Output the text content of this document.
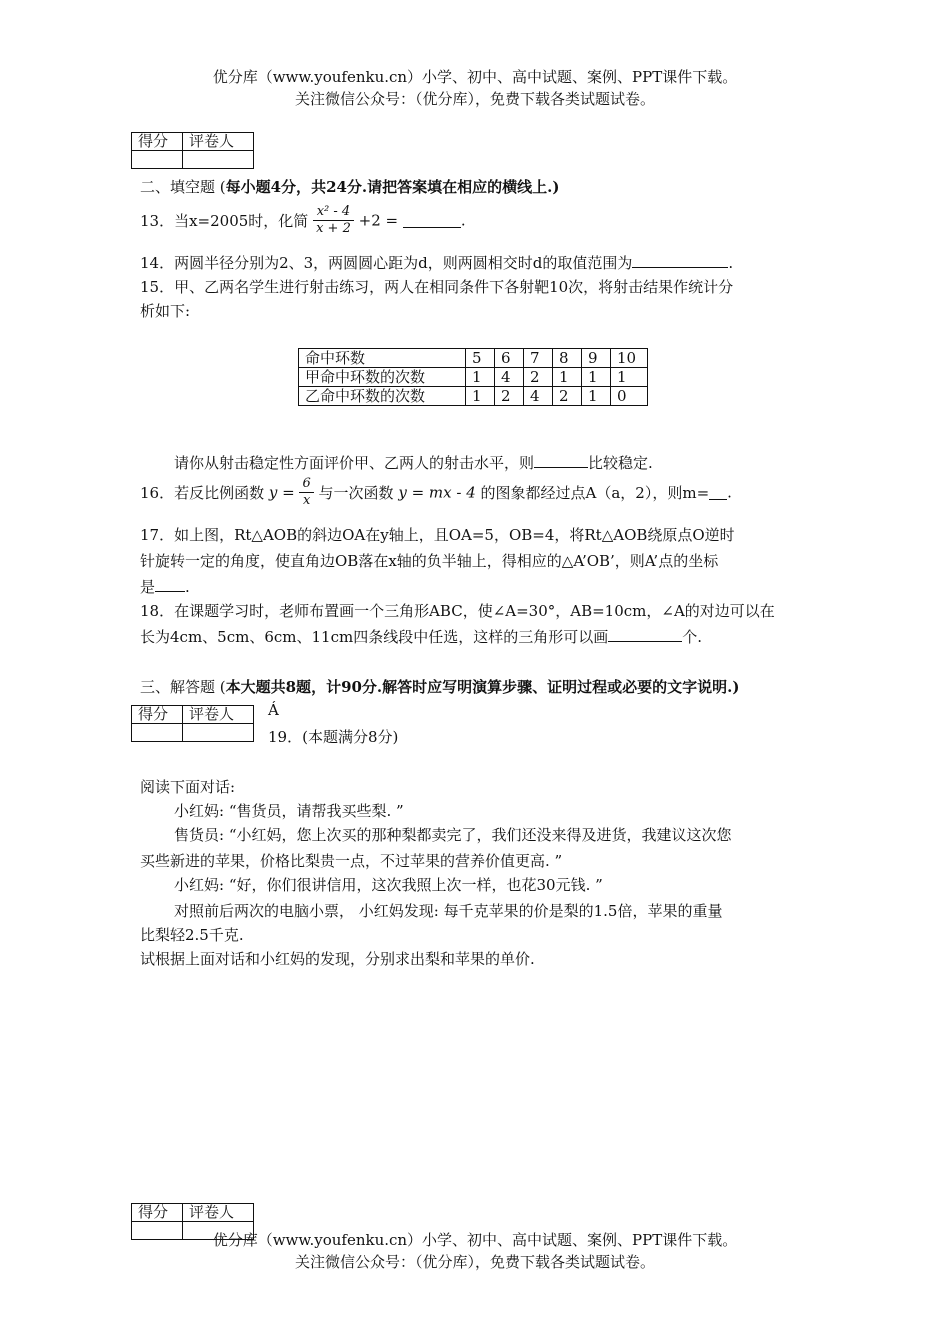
优分库（www.youfenku.cn）小学、初中、高中试题、案例、PPT课件下载。
关注微信公众号：（优分库），免费下载各类试题试卷。
得分	评卷人

二、填空题 (每小题4分，共24分.请把答案填在相应的横线上.)
13．当x=2005时，化简 $\frac{\text{x² - 4}}{x + 2} +2$ =	.
14．两圆半径分别为2、3，两圆圆心距为d，则两圆相交时d的取值范围为	.
15．甲、乙两名学生进行射击练习，两人在相同条件下各射靶10次，将射击结果作统计分
析如下:
命中环数	5	6	7	8	9	10
甲命中环数的次数	1	4	2	1	1	1
乙命中环数的次数	1	2	4	2	1	0
请你从射击稳定性方面评价甲、乙两人的射击水平，则	比较稳定.
16．若反比例函数 $y = \frac{6}{x}$ 与一次函数 y = mx - 4 的图象都经过点A（a，2），则m= .
17．如上图，Rt△AOB的斜边OA在y轴上，且OA=5，OB=4，将Rt△AOB绕原点O逆时
针旋转一定的角度，使直角边OB落在x轴的负半轴上，得相应的△A’OB’，则A’点的坐标
是 .
18．在课题学习时，老师布置画一个三角形ABC，使∠A=30°，AB=10cm，∠A的对边可以在
长为4cm、5cm、6cm、11cm四条线段中任选，这样的三角形可以画	个.
三、解答题 (本大题共8题，计90分.解答时应写明演算步骤、证明过程或必要的文字说明.)
得分	评卷人
	Á
19．(本题满分8分)
阅读下面对话:
小红妈: “售货员，请帮我买些梨. ”
售货员: “小红妈，您上次买的那种梨都卖完了，我们还没来得及进货，我建议这次您
买些新进的苹果，价格比梨贵一点，不过苹果的营养价值更高. ”
小红妈: “好，你们很讲信用，这次我照上次一样，也花30元钱. ”
对照前后两次的电脑小票， 小红妈发现: 每千克苹果的价是梨的1.5倍，苹果的重量
比梨轻2.5千克.
试根据上面对话和小红妈的发现，分别求出梨和苹果的单价.
得分	评卷人

优分库（www.youfenku.cn）小学、初中、高中试题、案例、PPT课件下载。
关注微信公众号：（优分库），免费下载各类试题试卷。
